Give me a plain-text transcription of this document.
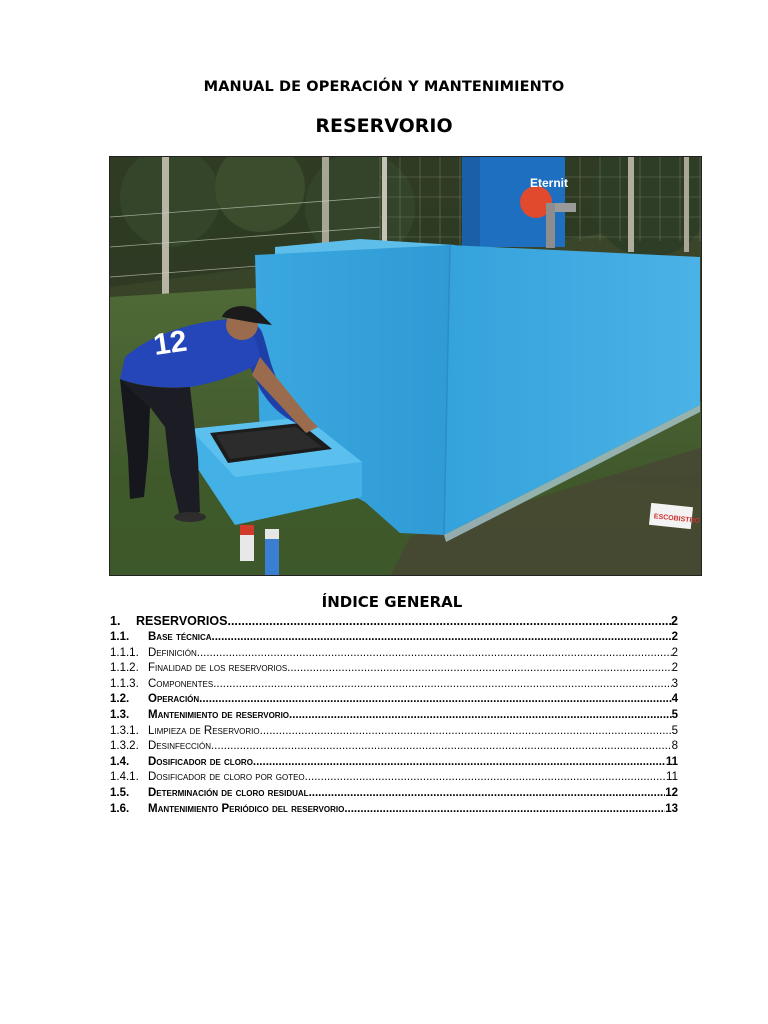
MANUAL DE OPERACIÓN Y MANTENIMIENTO
RESERVORIO
Eternit
12
ESCOBISTRO
ÍNDICE GENERAL
1.	RESERVORIOS .....	2
1.1.	Base técnica .....	2
1.1.1. Definición .....	2
1.1.2. Finalidad de los reservorios .....	2
1.1.3. Componentes .....	3
1.2.	Operación .....	4
1.3.	Mantenimiento de reservorio .....	5
1.3.1. Limpieza de Reservorio .....	5
1.3.2. Desinfección .....	8
1.4.	Dosificador de cloro .....	11
1.4.1. Dosificador de cloro por goteo .....	11
1.5.	Determinación de cloro residual .....	12
1.6.	Mantenimiento Periódico del reservorio .....	13
